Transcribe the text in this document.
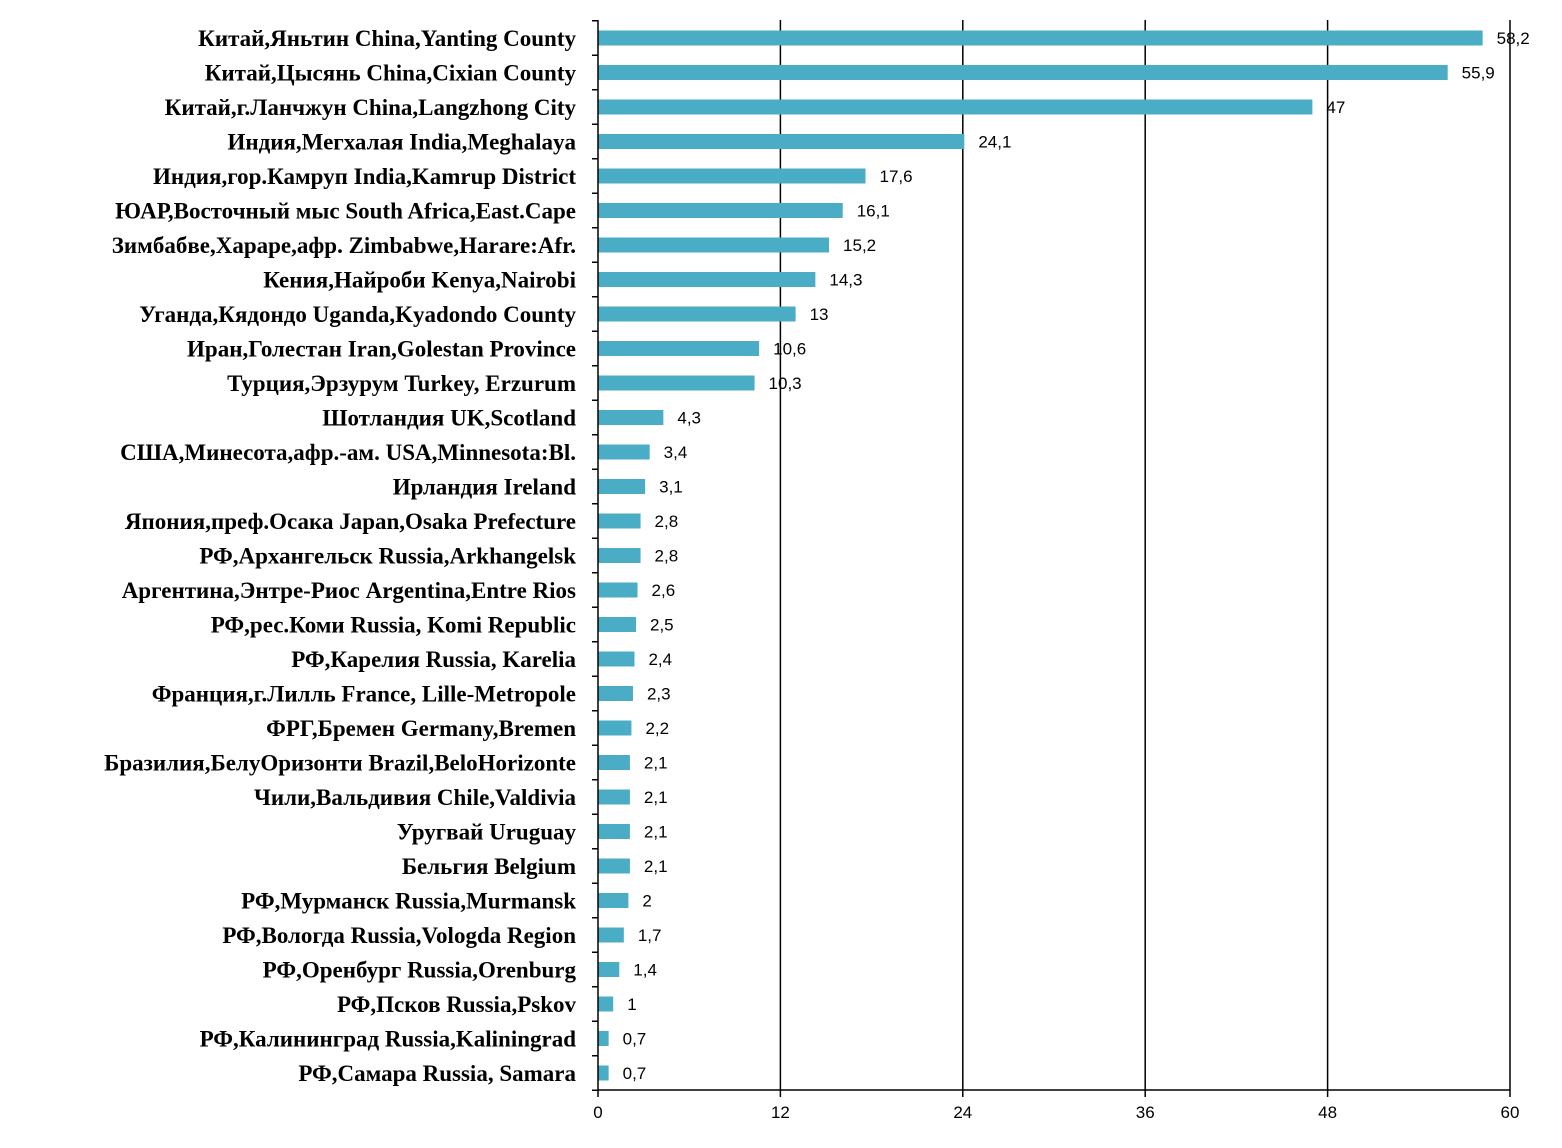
Китай,Яньтин China,Yanting County
Китай,Цысянь China,Cixian County
Китай,г.Ланчжун China,Langzhong City
Индия,Мегхалая India,Meghalaya
Индия,гор.Камруп India,Kamrup District
ЮАР,Восточный мыс South Africa,East.Cape
Зимбабве,Хараре,афр. Zimbabwe,Harare:Afr.
Кения,Найроби Kenya,Nairobi
Уганда,Кядондо Uganda,Kyadondo County
Иран,Голестан Iran,Golestan Province
Турция,Эрзурум Turkey, Erzurum
Шотландия UK,Scotland
США,Минесота,афр.-ам. USA,Minnesota:Bl.
Ирландия Ireland
Япония,преф.Осака Japan,Osaka Prefecture
РФ,Архангельск Russia,Arkhangelsk
Аргентина,Энтре-Риос Argentina,Entre Rios
РФ,рес.Коми Russia, Komi Republic
РФ,Карелия Russia, Karelia
Франция,г.Лилль France, Lille-Metropole
ФРГ,Бремен Germany,Bremen
Бразилия,БелуОризонти Brazil,BeloHorizonte
Чили,Вальдивия Chile,Valdivia
Уругвай Uruguay
Бельгия Belgium
РФ,Мурманск Russia,Murmansk
РФ,Вологда Russia,Vologda Region
РФ,Оренбург Russia,Orenburg
РФ,Псков Russia,Pskov
РФ,Калининград Russia,Kaliningrad
РФ,Самара Russia, Samara
58,2
55,9
47
24,1
17,6
16,1
15,2
14,3
13
10,6
10,3
4,3
3,4
3,1
2,8
2,8
2,6
2,5
2,4
2,3
2,2
2,1
2,1
2,1
2,1
2
1,7
1,4
1
0,7
0,7
0	12	24	36	48	60
